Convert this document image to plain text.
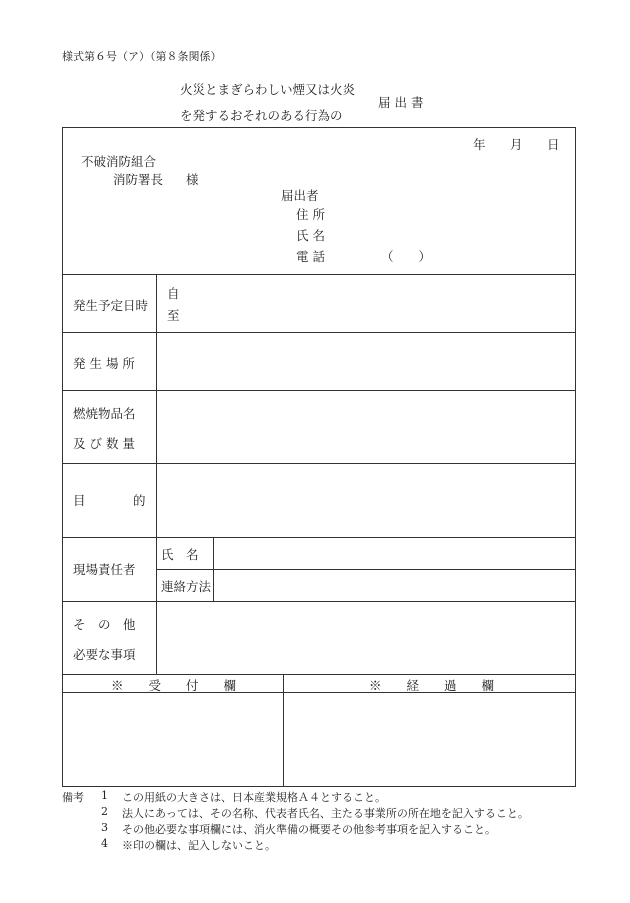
様式第６号（ア）（第８条関係）
火災とまぎらわしい煙又は火炎
を発するおそれのある行為の
届 出 書
年 月 日
不破消防組合
消防署長 様
届出者
住 所
氏 名
電 話	（　　）
発生予定日時
自
至
発 生 場 所
燃焼物品名
及 び 数 量
目	的
現場責任者
氏　名
連絡方法
そ　の　他
必要な事項
※　　受　　付　　欄	※　　経　　過　　欄
備考 1 この用紙の大きさは、日本産業規格Ａ４とすること。
2 法人にあっては、その名称、代表者氏名、主たる事業所の所在地を記入すること。
3 その他必要な事項欄には、消火準備の概要その他参考事項を記入すること。
4 ※印の欄は、記入しないこと。
